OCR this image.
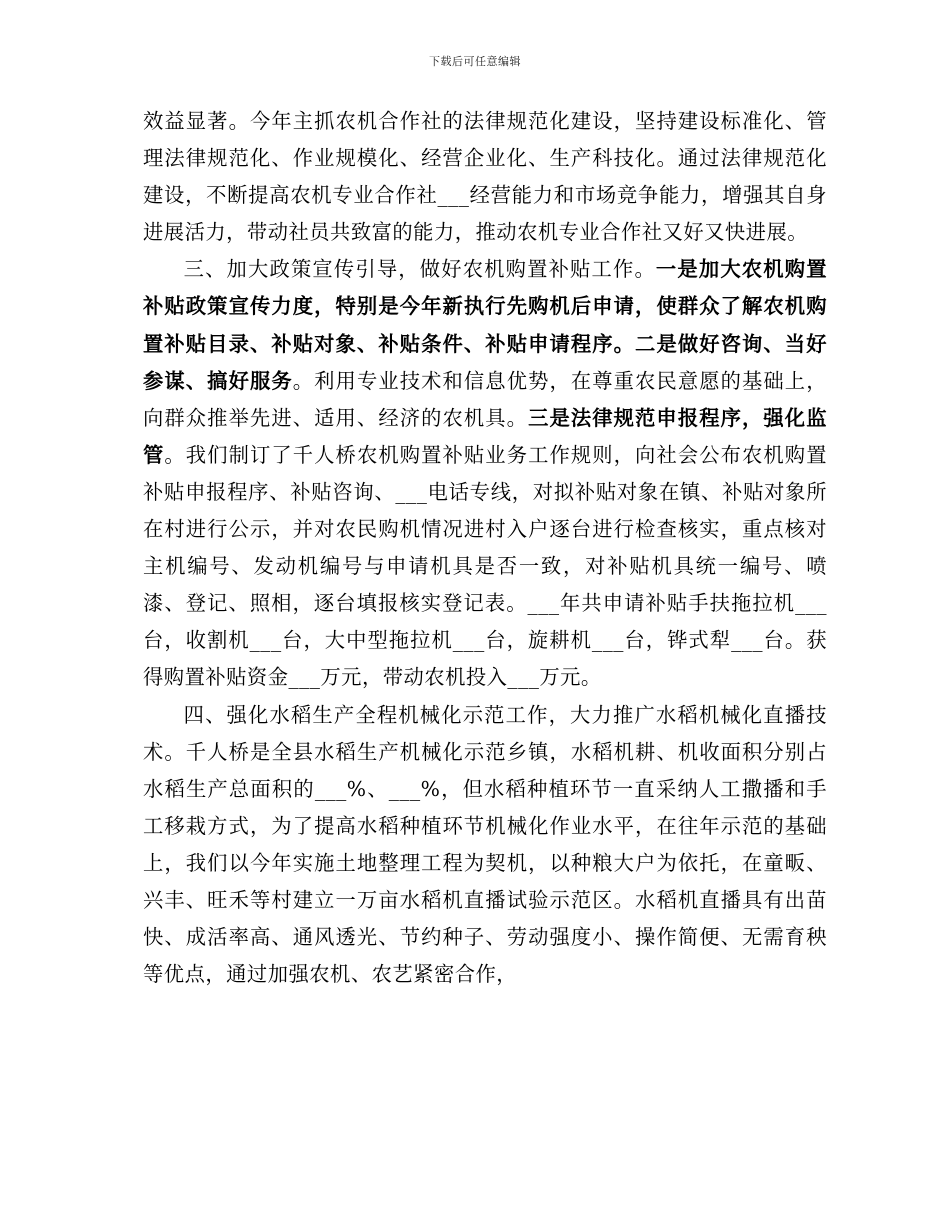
下载后可任意编辑

效益显著。今年主抓农机合作社的法律规范化建设，坚持建设标准化、管理法律规范化、作业规模化、经营企业化、生产科技化。通过法律规范化建设，不断提高农机专业合作社___经营能力和市场竞争能力，增强其自身进展活力，带动社员共致富的能力，推动农机专业合作社又好又快进展。

三、加大政策宣传引导，做好农机购置补贴工作。一是加大农机购置补贴政策宣传力度，特别是今年新执行先购机后申请，使群众了解农机购置补贴目录、补贴对象、补贴条件、补贴申请程序。二是做好咨询、当好参谋、搞好服务。利用专业技术和信息优势，在尊重农民意愿的基础上，向群众推举先进、适用、经济的农机具。三是法律规范申报程序，强化监管。我们制订了千人桥农机购置补贴业务工作规则，向社会公布农机购置补贴申报程序、补贴咨询、___电话专线，对拟补贴对象在镇、补贴对象所在村进行公示，并对农民购机情况进村入户逐台进行检查核实，重点核对主机编号、发动机编号与申请机具是否一致，对补贴机具统一编号、喷漆、登记、照相，逐台填报核实登记表。___年共申请补贴手扶拖拉机___台，收割机___台，大中型拖拉机___台，旋耕机___台，铧式犁___台。获得购置补贴资金___万元，带动农机投入___万元。

四、强化水稻生产全程机械化示范工作，大力推广水稻机械化直播技术。千人桥是全县水稻生产机械化示范乡镇，水稻机耕、机收面积分别占水稻生产总面积的___%、___%，但水稻种植环节一直采纳人工撒播和手工移栽方式，为了提高水稻种植环节机械化作业水平，在往年示范的基础上，我们以今年实施土地整理工程为契机，以种粮大户为依托，在童畈、兴丰、旺禾等村建立一万亩水稻机直播试验示范区。水稻机直播具有出苗快、成活率高、通风透光、节约种子、劳动强度小、操作简便、无需育秧等优点，通过加强农机、农艺紧密合作，
